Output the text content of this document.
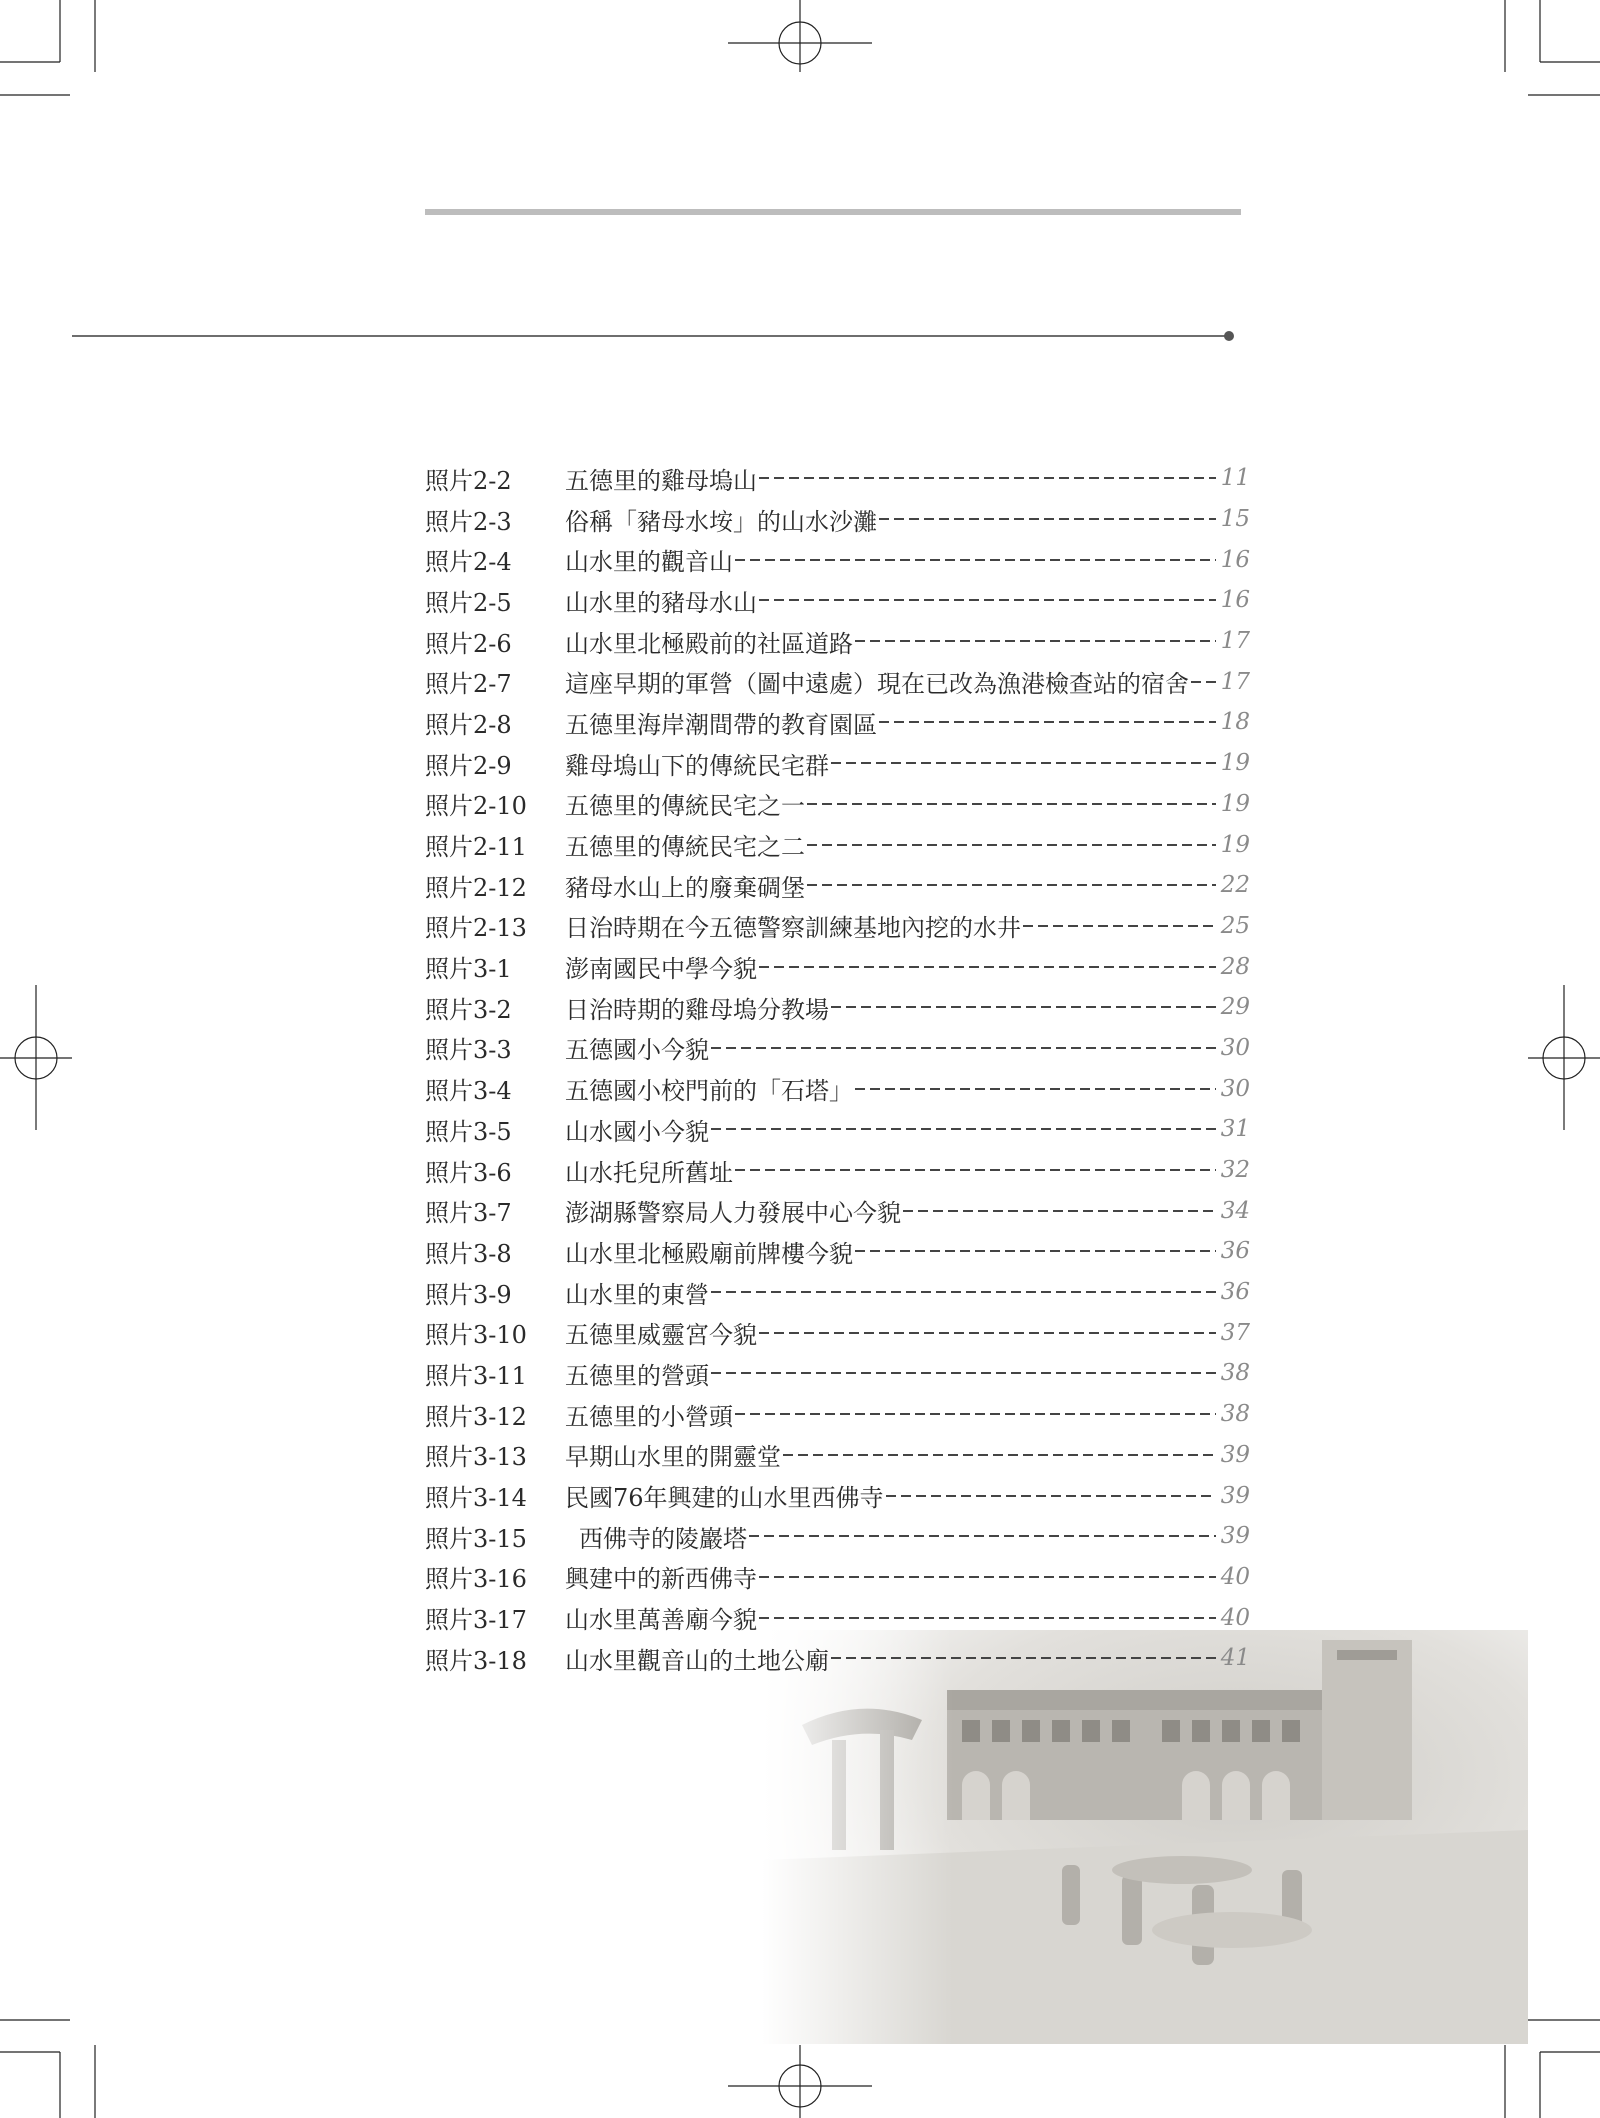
照片2-2	五德里的雞母塢山	11
照片2-3	俗稱「豬母水垵」的山水沙灘	15
照片2-4	山水里的觀音山	16
照片2-5	山水里的豬母水山	16
照片2-6	山水里北極殿前的社區道路	17
照片2-7	這座早期的軍營（圖中遠處）現在已改為漁港檢查站的宿舍 17
照片2-8	五德里海岸潮間帶的教育園區	18
照片2-9	雞母塢山下的傳統民宅群	19
照片2-10	五德里的傳統民宅之一	19
照片2-11	五德里的傳統民宅之二	19
照片2-12	豬母水山上的廢棄碉堡	22
照片2-13	日治時期在今五德警察訓練基地內挖的水井	25
照片3-1	澎南國民中學今貌	28
照片3-2	日治時期的雞母塢分教場	29
照片3-3	五德國小今貌	30
照片3-4	五德國小校門前的「石塔」	30
照片3-5	山水國小今貌	31
照片3-6	山水托兒所舊址	32
照片3-7	澎湖縣警察局人力發展中心今貌	34
照片3-8	山水里北極殿廟前牌樓今貌	36
照片3-9	山水里的東營	36
照片3-10	五德里威靈宮今貌	37
照片3-11	五德里的營頭	38
照片3-12	五德里的小營頭	38
照片3-13	早期山水里的開靈堂	39
照片3-14	民國76年興建的山水里西佛寺	39
照片3-15	西佛寺的陵巖塔	39
照片3-16	興建中的新西佛寺	40
照片3-17	山水里萬善廟今貌	40
照片3-18	山水里觀音山的土地公廟	41
